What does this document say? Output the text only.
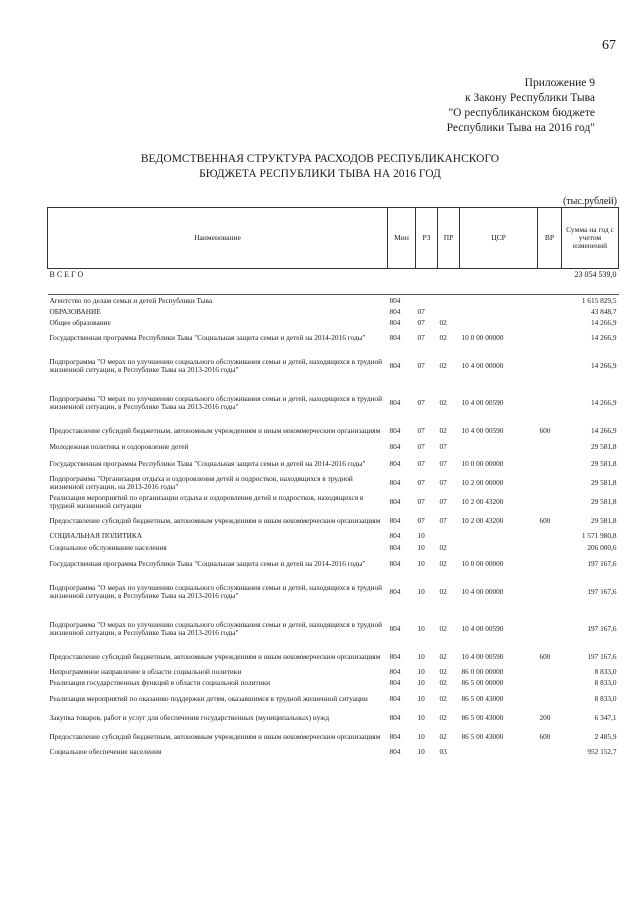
67
Приложение 9
к Закону Республики Тыва
"О республиканском бюджете
Республики Тыва на 2016 год"
ВЕДОМСТВЕННАЯ СТРУКТУРА РАСХОДОВ РЕСПУБЛИКАНСКОГО
БЮДЖЕТА РЕСПУБЛИКИ ТЫВА НА 2016 ГОД
(тыс.рублей)
Наименование	Мин	РЗ	ПР	ЦСР	ВР	Сумма на год с учетом изменений
ВСЕГО						23 054 539,0

Агентство по делам семьи и детей Республики Тыва	804					1 615 829,5
ОБРАЗОВАНИЕ	804	07				43 848,7
Общее образование	804	07	02			14 266,9
Государственная программа Республики Тыва "Социальная защита семьи и детей на 2014-2016 годы"	804	07	02	10 0 00 00000		14 266,9
Подпрограмма "О мерах по улучшению социального обслуживания семьи и детей, находящихся в трудной жизненной ситуации, в Республике Тыва на 2013-2016 годы"	804	07	02	10 4 00 00000		14 266,9
Подпрограмма "О мерах по улучшению социального обслуживания семьи и детей, находящихся в трудной жизненной ситуации, в Республике Тыва на 2013-2016 годы"	804	07	02	10 4 00 00590		14 266,9
Предоставление субсидий бюджетным, автономным учреждениям и иным некоммерческим организациям	804	07	02	10 4 00 00590	600	14 266,9
Молодежная политика и оздоровление детей	804	07	07			29 581,8
Государственная программа Республики Тыва "Социальная защита семьи и детей на 2014-2016 годы"	804	07	07	10 0 00 00000		29 581,8
Подпрограмма "Организация отдыха и оздоровления детей и подростков, находящихся в трудной жизненной ситуации, на 2013-2016 годы"	804	07	07	10 2 00 00000		29 581,8
Реализация мероприятий по организации отдыха и оздоровления детей и подростков, находящихся в трудной жизненной ситуации	804	07	07	10 2 00 43200		29 581,8
Предоставление субсидий бюджетным, автономным учреждениям и иным некоммерческим организациям	804	07	07	10 2 00 43200	600	29 581,8
СОЦИАЛЬНАЯ ПОЛИТИКА	804	10				1 571 980,8
Социальное обслуживание населения	804	10	02			206 000,6
Государственная программа Республики Тыва "Социальная защита семьи и детей на 2014-2016 годы"	804	10	02	10 0 00 00000		197 167,6
Подпрограмма "О мерах по улучшению социального обслуживания семьи и детей, находящихся в трудной жизненной ситуации, в Республике Тыва на 2013-2016 годы"	804	10	02	10 4 00 00000		197 167,6
Подпрограмма "О мерах по улучшению социального обслуживания семьи и детей, находящихся в трудной жизненной ситуации, в Республике Тыва на 2013-2016 годы"	804	10	02	10 4 00 00590		197 167,6
Предоставление субсидий бюджетным, автономным учреждениям и иным некоммерческим организациям	804	10	02	10 4 00 00590	600	197 167,6
Непрограммное направление в области социальной политики	804	10	02	86 0 00 00000		8 833,0
Реализация государственных функций в области социальной политики	804	10	02	86 5 00 00000		8 833,0
Реализация мероприятий по оказанию поддержки детям, оказавшимся в трудной жизненной ситуации	804	10	02	86 5 00 43000		8 833,0
Закупка товаров, работ и услуг для обеспечения государственных (муниципальных) нужд	804	10	02	86 5 00 43000	200	6 347,1
Предоставление субсидий бюджетным, автономным учреждениям и иным некоммерческим организациям	804	10	02	86 5 00 43000	600	2 485,9
Социальное обеспечение населения	804	10	03			952 152,7
